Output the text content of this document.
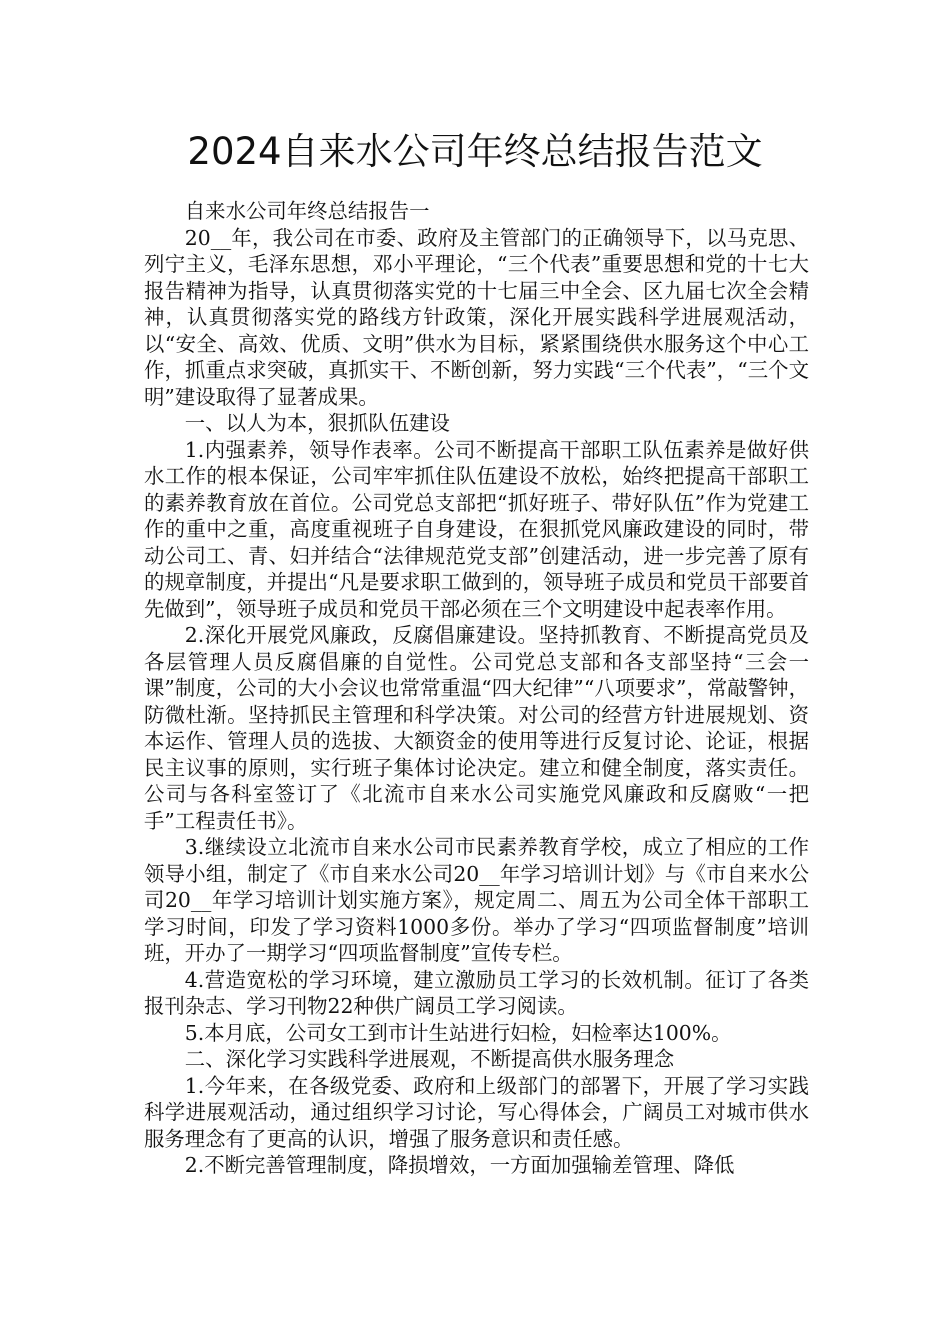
2024自来水公司年终总结报告范文

自来水公司年终总结报告一

20__年，我公司在市委、政府及主管部门的正确领导下，以马克思、列宁主义，毛泽东思想，邓小平理论，“三个代表”重要思想和党的十七大报告精神为指导，认真贯彻落实党的十七届三中全会、区九届七次全会精神，认真贯彻落实党的路线方针政策，深化开展实践科学进展观活动，以“安全、高效、优质、文明”供水为目标，紧紧围绕供水服务这个中心工作，抓重点求突破，真抓实干、不断创新，努力实践“三个代表”，“三个文明”建设取得了显著成果。

一、以人为本，狠抓队伍建设

1.内强素养，领导作表率。公司不断提高干部职工队伍素养是做好供水工作的根本保证，公司牢牢抓住队伍建设不放松，始终把提高干部职工的素养教育放在首位。公司党总支部把“抓好班子、带好队伍”作为党建工作的重中之重，高度重视班子自身建设，在狠抓党风廉政建设的同时，带动公司工、青、妇并结合“法律规范党支部”创建活动，进一步完善了原有的规章制度，并提出“凡是要求职工做到的，领导班子成员和党员干部要首先做到”，领导班子成员和党员干部必须在三个文明建设中起表率作用。

2.深化开展党风廉政，反腐倡廉建设。坚持抓教育、不断提高党员及各层管理人员反腐倡廉的自觉性。公司党总支部和各支部坚持“三会一课”制度，公司的大小会议也常常重温“四大纪律”“八项要求”，常敲警钟，防微杜渐。坚持抓民主管理和科学决策。对公司的经营方针进展规划、资本运作、管理人员的选拔、大额资金的使用等进行反复讨论、论证，根据民主议事的原则，实行班子集体讨论决定。建立和健全制度，落实责任。公司与各科室签订了《北流市自来水公司实施党风廉政和反腐败“一把手”工程责任书》。

3.继续设立北流市自来水公司市民素养教育学校，成立了相应的工作领导小组，制定了《市自来水公司20__年学习培训计划》与《市自来水公司20__年学习培训计划实施方案》，规定周二、周五为公司全体干部职工学习时间，印发了学习资料1000多份。举办了学习“四项监督制度”培训班，开办了一期学习“四项监督制度”宣传专栏。

4.营造宽松的学习环境，建立激励员工学习的长效机制。征订了各类报刊杂志、学习刊物22种供广阔员工学习阅读。

5.本月底，公司女工到市计生站进行妇检，妇检率达100%。

二、深化学习实践科学进展观，不断提高供水服务理念

1.今年来，在各级党委、政府和上级部门的部署下，开展了学习实践科学进展观活动，通过组织学习讨论，写心得体会，广阔员工对城市供水服务理念有了更高的认识，增强了服务意识和责任感。

2.不断完善管理制度，降损增效，一方面加强输差管理、降低
